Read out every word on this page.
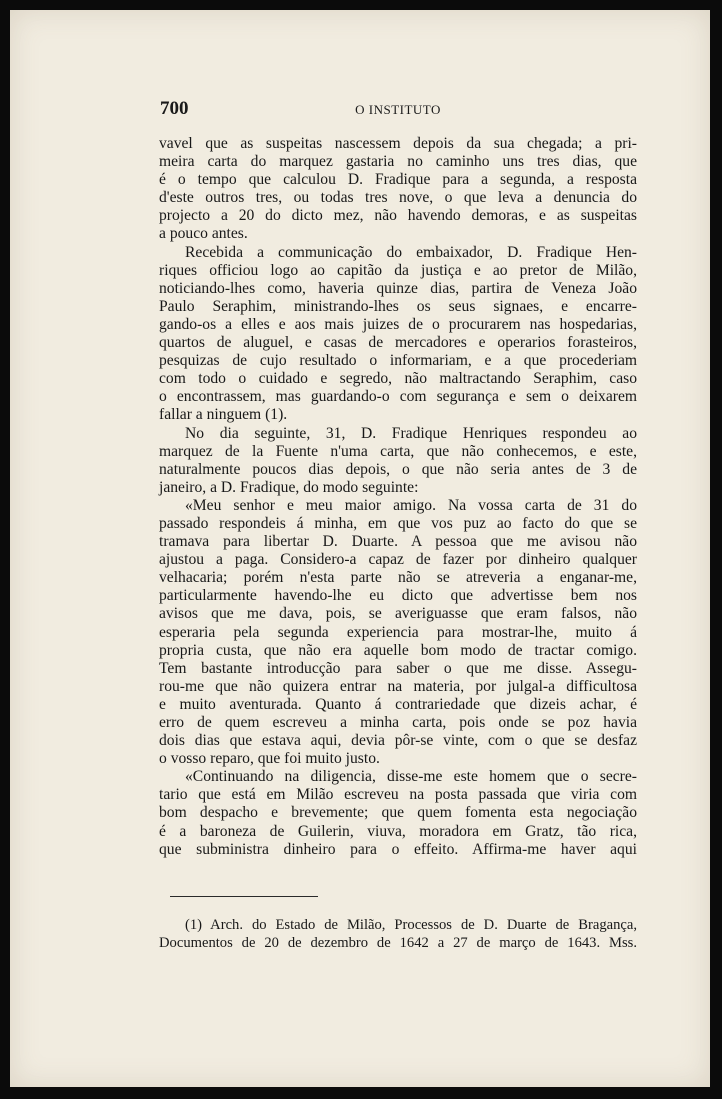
700	O INSTITUTO
vavel que as suspeitas nascessem depois da sua chegada; a pri-
meira carta do marquez gastaria no caminho uns tres dias, que
é o tempo que calculou D. Fradique para a segunda, a resposta
d'este outros tres, ou todas tres nove, o que leva a denuncia do
projecto a 20 do dicto mez, não havendo demoras, e as suspeitas
a pouco antes.
Recebida a communicação do embaixador, D. Fradique Hen-
riques officiou logo ao capitão da justiça e ao pretor de Milão,
noticiando-lhes como, haveria quinze dias, partira de Veneza João
Paulo Seraphim, ministrando-lhes os seus signaes, e encarre-
gando-os a elles e aos mais juizes de o procurarem nas hospedarias,
quartos de aluguel, e casas de mercadores e operarios forasteiros,
pesquizas de cujo resultado o informariam, e a que procederiam
com todo o cuidado e segredo, não maltractando Seraphim, caso
o encontrassem, mas guardando-o com segurança e sem o deixarem
fallar a ninguem (1).
No dia seguinte, 31, D. Fradique Henriques respondeu ao
marquez de la Fuente n'uma carta, que não conhecemos, e este,
naturalmente poucos dias depois, o que não seria antes de 3 de
janeiro, a D. Fradique, do modo seguinte:
«Meu senhor e meu maior amigo. Na vossa carta de 31 do
passado respondeis á minha, em que vos puz ao facto do que se
tramava para libertar D. Duarte. A pessoa que me avisou não
ajustou a paga. Considero-a capaz de fazer por dinheiro qualquer
velhacaria; porém n'esta parte não se atreveria a enganar-me,
particularmente havendo-lhe eu dicto que advertisse bem nos
avisos que me dava, pois, se averiguasse que eram falsos, não
esperaria pela segunda experiencia para mostrar-lhe, muito á
propria custa, que não era aquelle bom modo de tractar comigo.
Tem bastante introducção para saber o que me disse. Assegu-
rou-me que não quizera entrar na materia, por julgal-a difficultosa
e muito aventurada. Quanto á contrariedade que dizeis achar, é
erro de quem escreveu a minha carta, pois onde se poz havia
dois dias que estava aqui, devia pôr-se vinte, com o que se desfaz
o vosso reparo, que foi muito justo.
«Continuando na diligencia, disse-me este homem que o secre-
tario que está em Milão escreveu na posta passada que viria com
bom despacho e brevemente; que quem fomenta esta negociação
é a baroneza de Guilerin, viuva, moradora em Gratz, tão rica,
que subministra dinheiro para o effeito. Affirma-me haver aqui
(1) Arch. do Estado de Milão, Processos de D. Duarte de Bragança,
Documentos de 20 de dezembro de 1642 a 27 de março de 1643. Mss.
